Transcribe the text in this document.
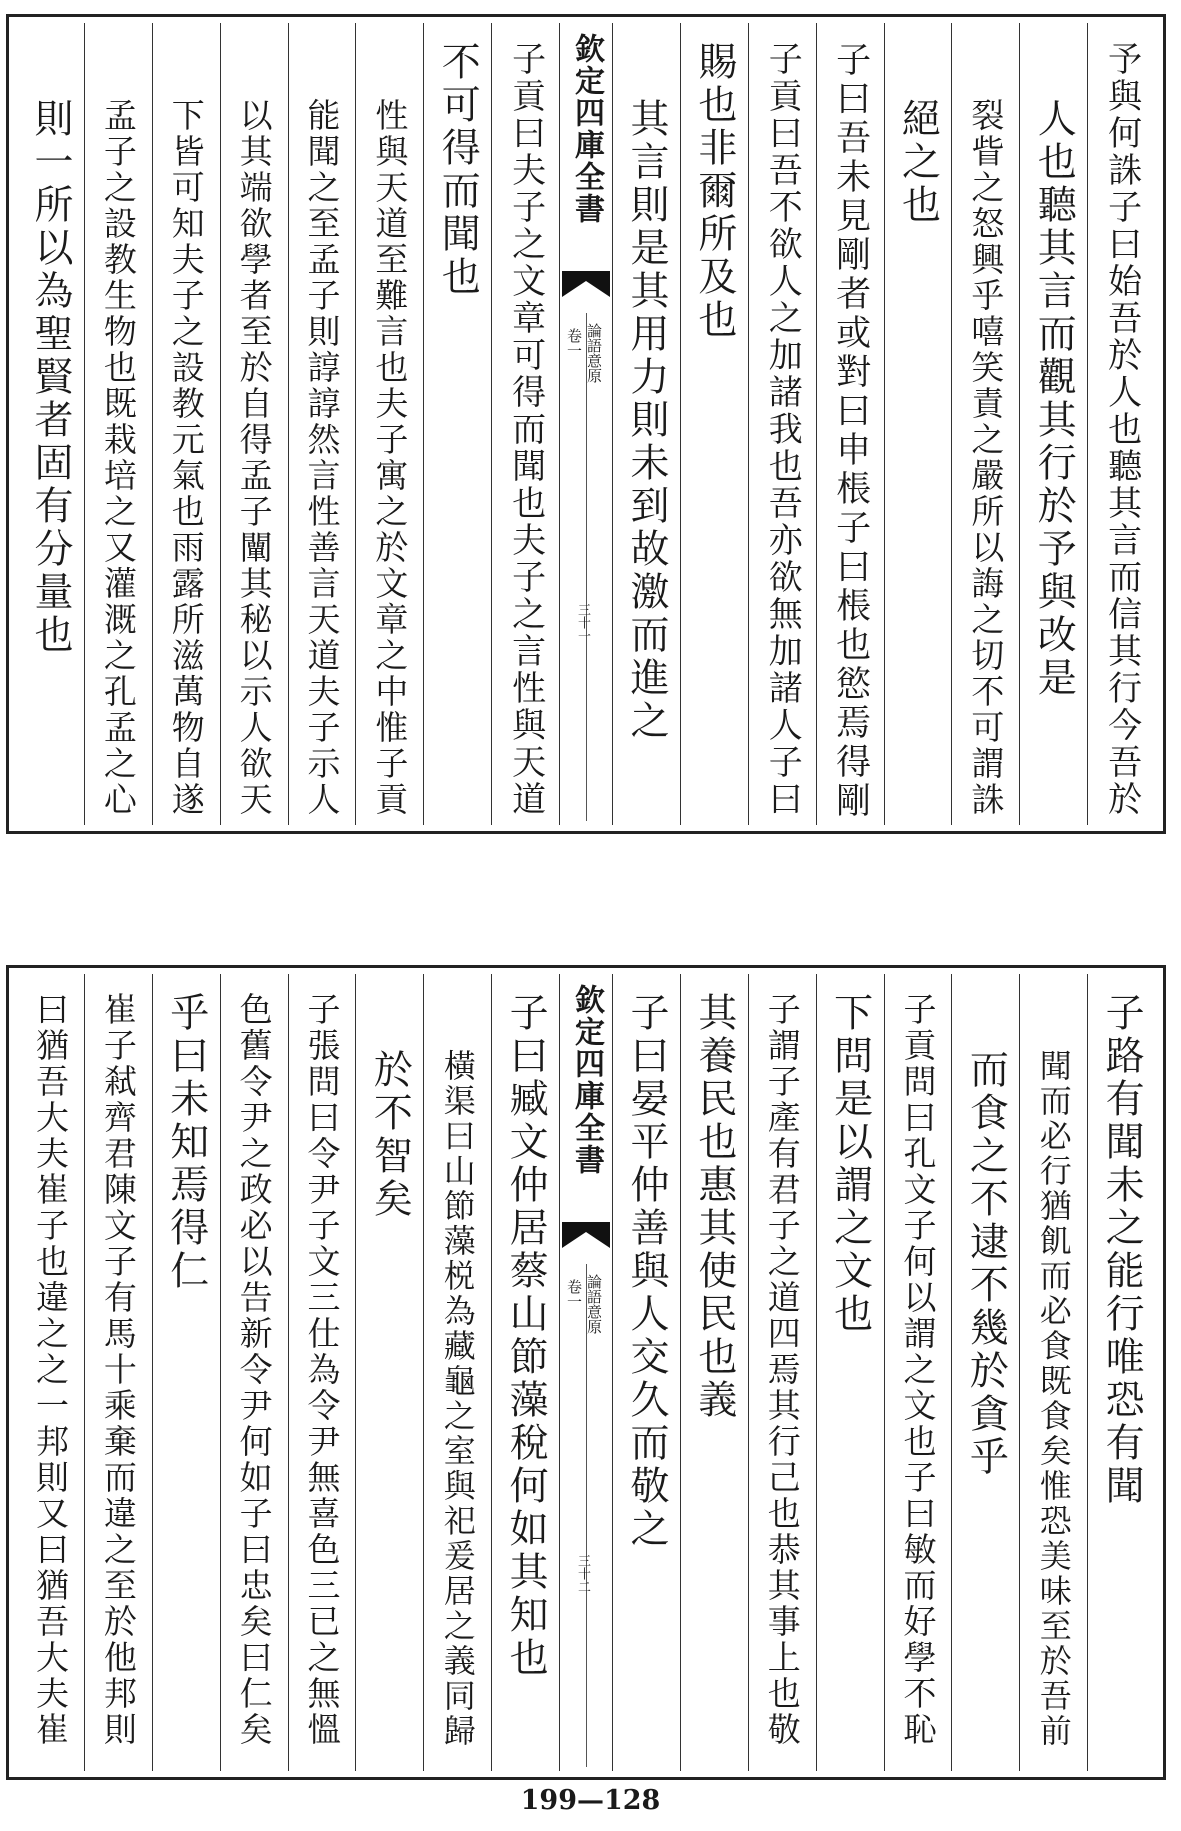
予與何誅子曰始吾於人也聽其言而信其行今吾於
人也聽其言而觀其行於予與改是
裂眥之怒興乎嘻笑責之嚴所以誨之切不可謂誅
絕之也
子曰吾未見剛者或對曰申棖子曰棖也慾焉得剛
子貢曰吾不欲人之加諸我也吾亦欲無加諸人子曰
賜也非爾所及也
其言則是其用力則未到故激而進之
欽定四庫全書
論語意原
卷一
三十一
子貢曰夫子之文章可得而聞也夫子之言性與天道
不可得而聞也
性與天道至難言也夫子寓之於文章之中惟子貢
能聞之至孟子則諄諄然言性善言天道夫子示人
以其端欲學者至於自得孟子闡其秘以示人欲天
下皆可知夫子之設教元氣也雨露所滋萬物自遂
孟子之設教生物也既栽培之又灌溉之孔孟之心
則一所以為聖賢者固有分量也
子路有聞未之能行唯恐有聞
聞而必行猶飢而必食既食矣惟恐美味至於吾前
而食之不逮不幾於貪乎
子貢問曰孔文子何以謂之文也子曰敏而好學不恥
下問是以謂之文也
子謂子產有君子之道四焉其行己也恭其事上也敬
其養民也惠其使民也義
子曰晏平仲善與人交久而敬之
欽定四庫全書
論語意原
卷一
三十二
子曰臧文仲居蔡山節藻稅何如其知也
橫渠曰山節藻棁為藏龜之室與祀爰居之義同歸
於不智矣
子張問曰令尹子文三仕為令尹無喜色三已之無慍
色舊令尹之政必以告新令尹何如子曰忠矣曰仁矣
乎曰未知焉得仁
崔子弒齊君陳文子有馬十乘棄而違之至於他邦則
曰猶吾大夫崔子也違之之一邦則又曰猶吾大夫崔
199—128
